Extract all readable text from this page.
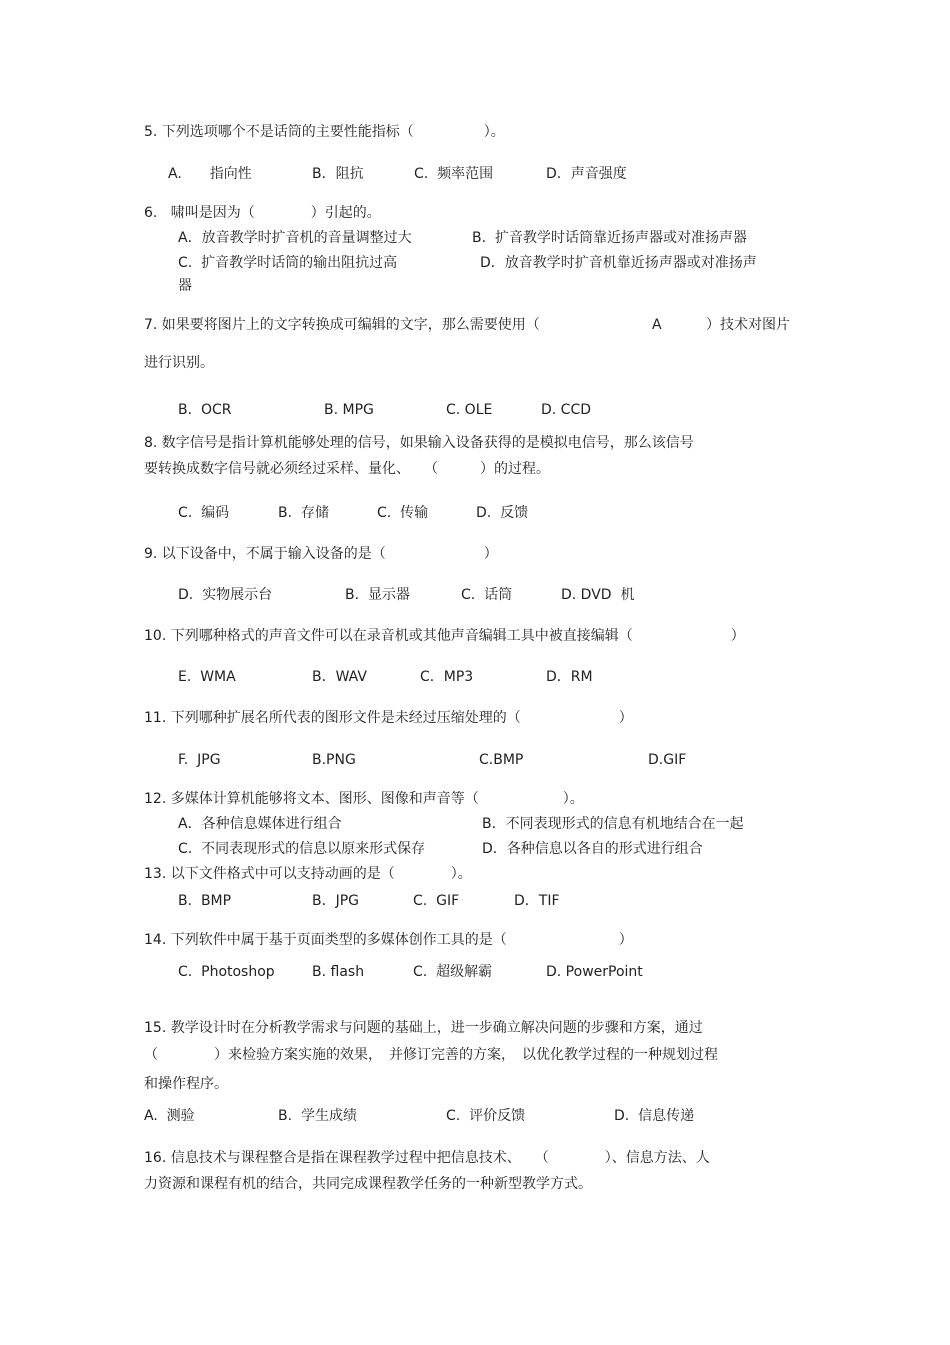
5. 下列选项哪个不是话筒的主要性能指标（　　　　　）。
A.　　指向性	B．阻抗	C.  频率范围	D．声音强度
6.   啸叫是因为（　　　　）引起的。
A．放音教学时扩音机的音量调整过大	B.  扩音教学时话筒靠近扬声器或对准扬声器
C.  扩音教学时话筒的输出阻抗过高	D．放音教学时扩音机靠近扬声器或对准扬声
器
7. 如果要将图片上的文字转换成可编辑的文字，那么需要使用（	A	）技术对图片
进行识别。
B.  OCR	B. MPG	C. OLE	D. CCD
8. 数字信号是指计算机能够处理的信号，如果输入设备获得的是模拟电信号，那么该信号
要转换成数字信号就必须经过采样、量化、　　（　　　）的过程。
C.  编码	B.  存储	C.  传输	D.  反馈
9. 以下设备中，不属于输入设备的是（　　　　　　　）
D.  实物展示台	B.  显示器	C.  话筒	D. DVD  机
10. 下列哪种格式的声音文件可以在录音机或其他声音编辑工具中被直接编辑（　　　　　　　）
E.  WMA	B．WAV	C．MP3	D．RM
11. 下列哪种扩展名所代表的图形文件是未经过压缩处理的（　　　　　　　）
F.  JPG	B.PNG	C.BMP	D.GIF
12. 多媒体计算机能够将文本、图形、图像和声音等（　　　　　　）。
A．各种信息媒体进行组合	B．不同表现形式的信息有机地结合在一起
C.  不同表现形式的信息以原来形式保存	D．各种信息以各自的形式进行组合
13. 以下文件格式中可以支持动画的是（　　　　）。
B.  BMP	B．JPG	C.  GIF	D．TIF
14. 下列软件中属于基于页面类型的多媒体创作工具的是（　　　　　　　　）
C.  Photoshop	B. flash	C.  超级解霸	D. PowerPoint
15. 教学设计时在分析教学需求与问题的基础上，进一步确立解决问题的步骤和方案，通过
（　　　　）来检验方案实施的效果，　并修订完善的方案，　以优化教学过程的一种规划过程
和操作程序。
A.  测验	B.  学生成绩	C.  评价反馈	D.  信息传递
16. 信息技术与课程整合是指在课程教学过程中把信息技术、　　（　　　　）、信息方法、人
力资源和课程有机的结合，共同完成课程教学任务的一种新型教学方式。
